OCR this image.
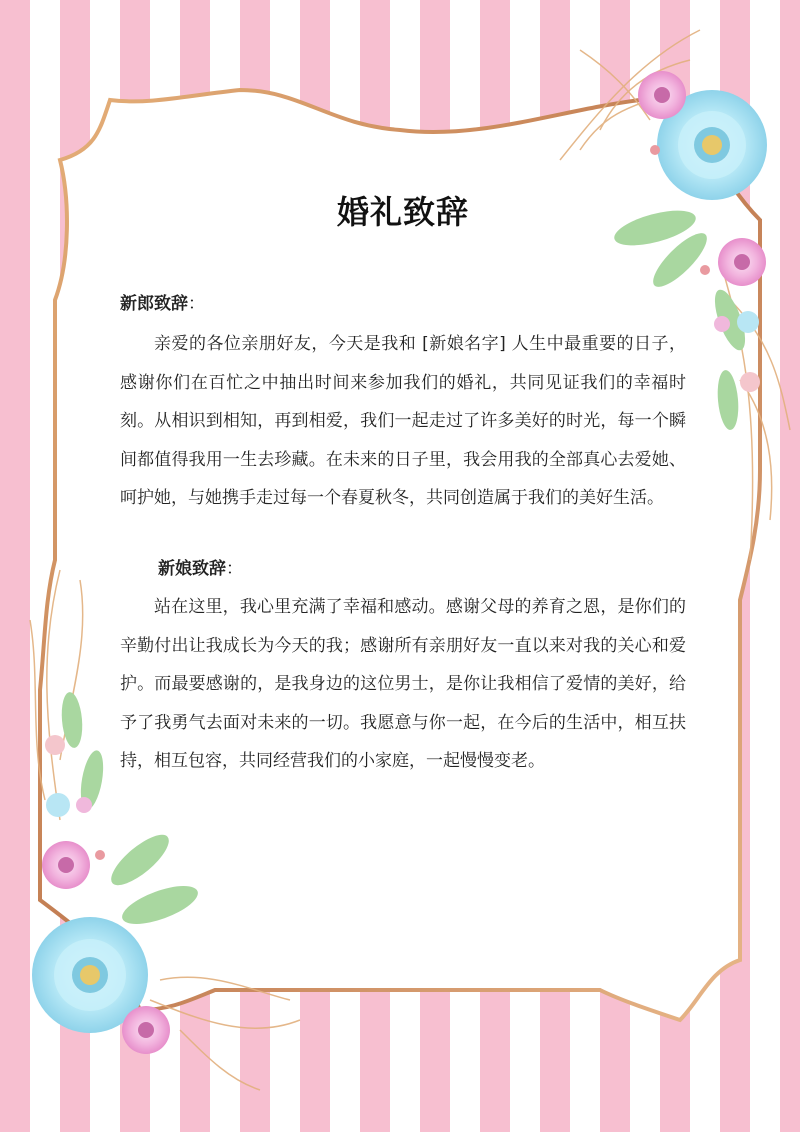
婚礼致辞

新郎致辞：

亲爱的各位亲朋好友，今天是我和 [新娘名字] 人生中最重要的日子，感谢你们在百忙之中抽出时间来参加我们的婚礼，共同见证我们的幸福时刻。从相识到相知，再到相爱，我们一起走过了许多美好的时光，每一个瞬间都值得我用一生去珍藏。在未来的日子里，我会用我的全部真心去爱她、呵护她，与她携手走过每一个春夏秋冬，共同创造属于我们的美好生活。

新娘致辞：

站在这里，我心里充满了幸福和感动。感谢父母的养育之恩，是你们的辛勤付出让我成长为今天的我；感谢所有亲朋好友一直以来对我的关心和爱护。而最要感谢的，是我身边的这位男士，是你让我相信了爱情的美好，给予了我勇气去面对未来的一切。我愿意与你一起，在今后的生活中，相互扶持，相互包容，共同经营我们的小家庭，一起慢慢变老。
